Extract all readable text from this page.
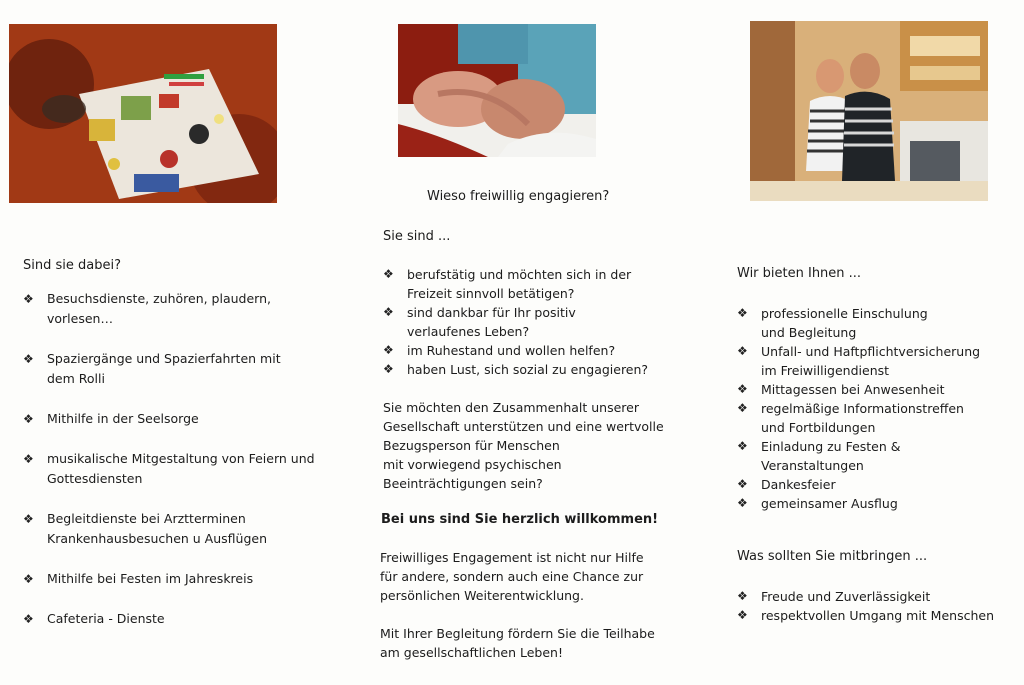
Sind sie dabei?
❖ Besuchsdienste, zuhören, plaudern,
vorlesen…
❖ Spaziergänge und Spazierfahrten mit
dem Rolli
❖ Mithilfe in der Seelsorge
❖ musikalische Mitgestaltung von Feiern und
Gottesdiensten
❖ Begleitdienste bei Arztterminen
Krankenhausbesuchen u Ausflügen
❖ Mithilfe bei Festen im Jahreskreis
❖ Cafeteria - Dienste
Wieso freiwillig engagieren?
Sie sind ...
❖ berufstätig und möchten sich in der
Freizeit sinnvoll betätigen?
❖ sind dankbar für Ihr positiv
verlaufenes Leben?
❖ im Ruhestand und wollen helfen?
❖ haben Lust, sich sozial zu engagieren?
Sie möchten den Zusammenhalt unserer
Gesellschaft unterstützen und eine wertvolle
Bezugsperson für Menschen
mit vorwiegend psychischen
Beeinträchtigungen sein?
Bei uns sind Sie herzlich willkommen!
Freiwilliges Engagement ist nicht nur Hilfe
für andere, sondern auch eine Chance zur
persönlichen Weiterentwicklung.
Mit Ihrer Begleitung fördern Sie die Teilhabe
am gesellschaftlichen Leben!
Wir bieten Ihnen ...
❖ professionelle Einschulung
und Begleitung
❖ Unfall- und Haftpflichtversicherung
im Freiwilligendienst
❖ Mittagessen bei Anwesenheit
❖ regelmäßige Informationstreffen
und Fortbildungen
❖ Einladung zu Festen &
Veranstaltungen
❖ Dankesfeier
❖ gemeinsamer Ausflug
Was sollten Sie mitbringen ...
❖ Freude und Zuverlässigkeit
❖ respektvollen Umgang mit Menschen
